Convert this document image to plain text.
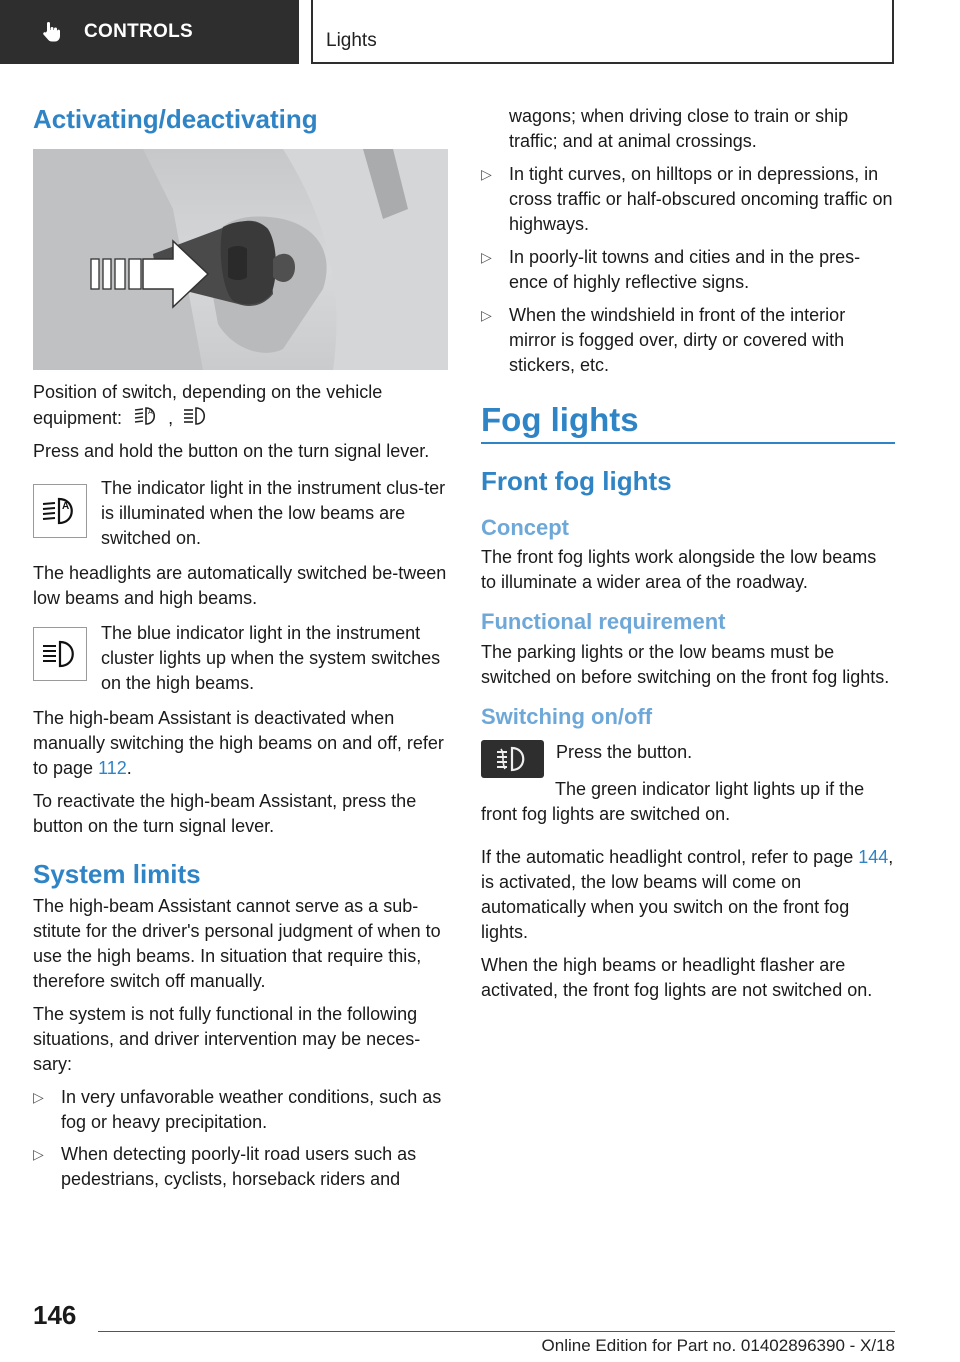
CONTROLS	Lights
Activating/deactivating

Position of switch, depending on the vehicle
equipment:	A ,

Press and hold the button on the turn signal lever.

A

The indicator light in the instrument clus-ter is illuminated when the low beams are switched on.

The headlights are automatically switched be-tween low beams and high beams.

The blue indicator light in the instrument cluster lights up when the system switches on the high beams.

The high-beam Assistant is deactivated when manually switching the high beams on and off, refer to page 112.

To reactivate the high-beam Assistant, press the button on the turn signal lever.

System limits

The high-beam Assistant cannot serve as a sub-stitute for the driver's personal judgment of when to use the high beams. In situation that require this, therefore switch off manually.

The system is not fully functional in the following situations, and driver intervention may be neces-sary:

▷ In very unfavorable weather conditions, such as fog or heavy precipitation.
▷ When detecting poorly-lit road users such as pedestrians, cyclists, horseback riders and
wagons; when driving close to train or ship traffic; and at animal crossings.
▷ In tight curves, on hilltops or in depressions, in cross traffic or half-obscured oncoming traffic on highways.
▷ In poorly-lit towns and cities and in the pres-ence of highly reflective signs.
▷ When the windshield in front of the interior mirror is fogged over, dirty or covered with stickers, etc.
Fog lights
Front fog lights
Concept

The front fog lights work alongside the low beams to illuminate a wider area of the roadway.

Functional requirement

The parking lights or the low beams must be switched on before switching on the front fog lights.

Switching on/off

Press the button.

The green indicator light lights up if the front fog lights are switched on.

If the automatic headlight control, refer to page 144, is activated, the low beams will come on automatically when you switch on the front fog lights.

When the high beams or headlight flasher are activated, the front fog lights are not switched on.

146
Online Edition for Part no. 01402896390 - X/18
